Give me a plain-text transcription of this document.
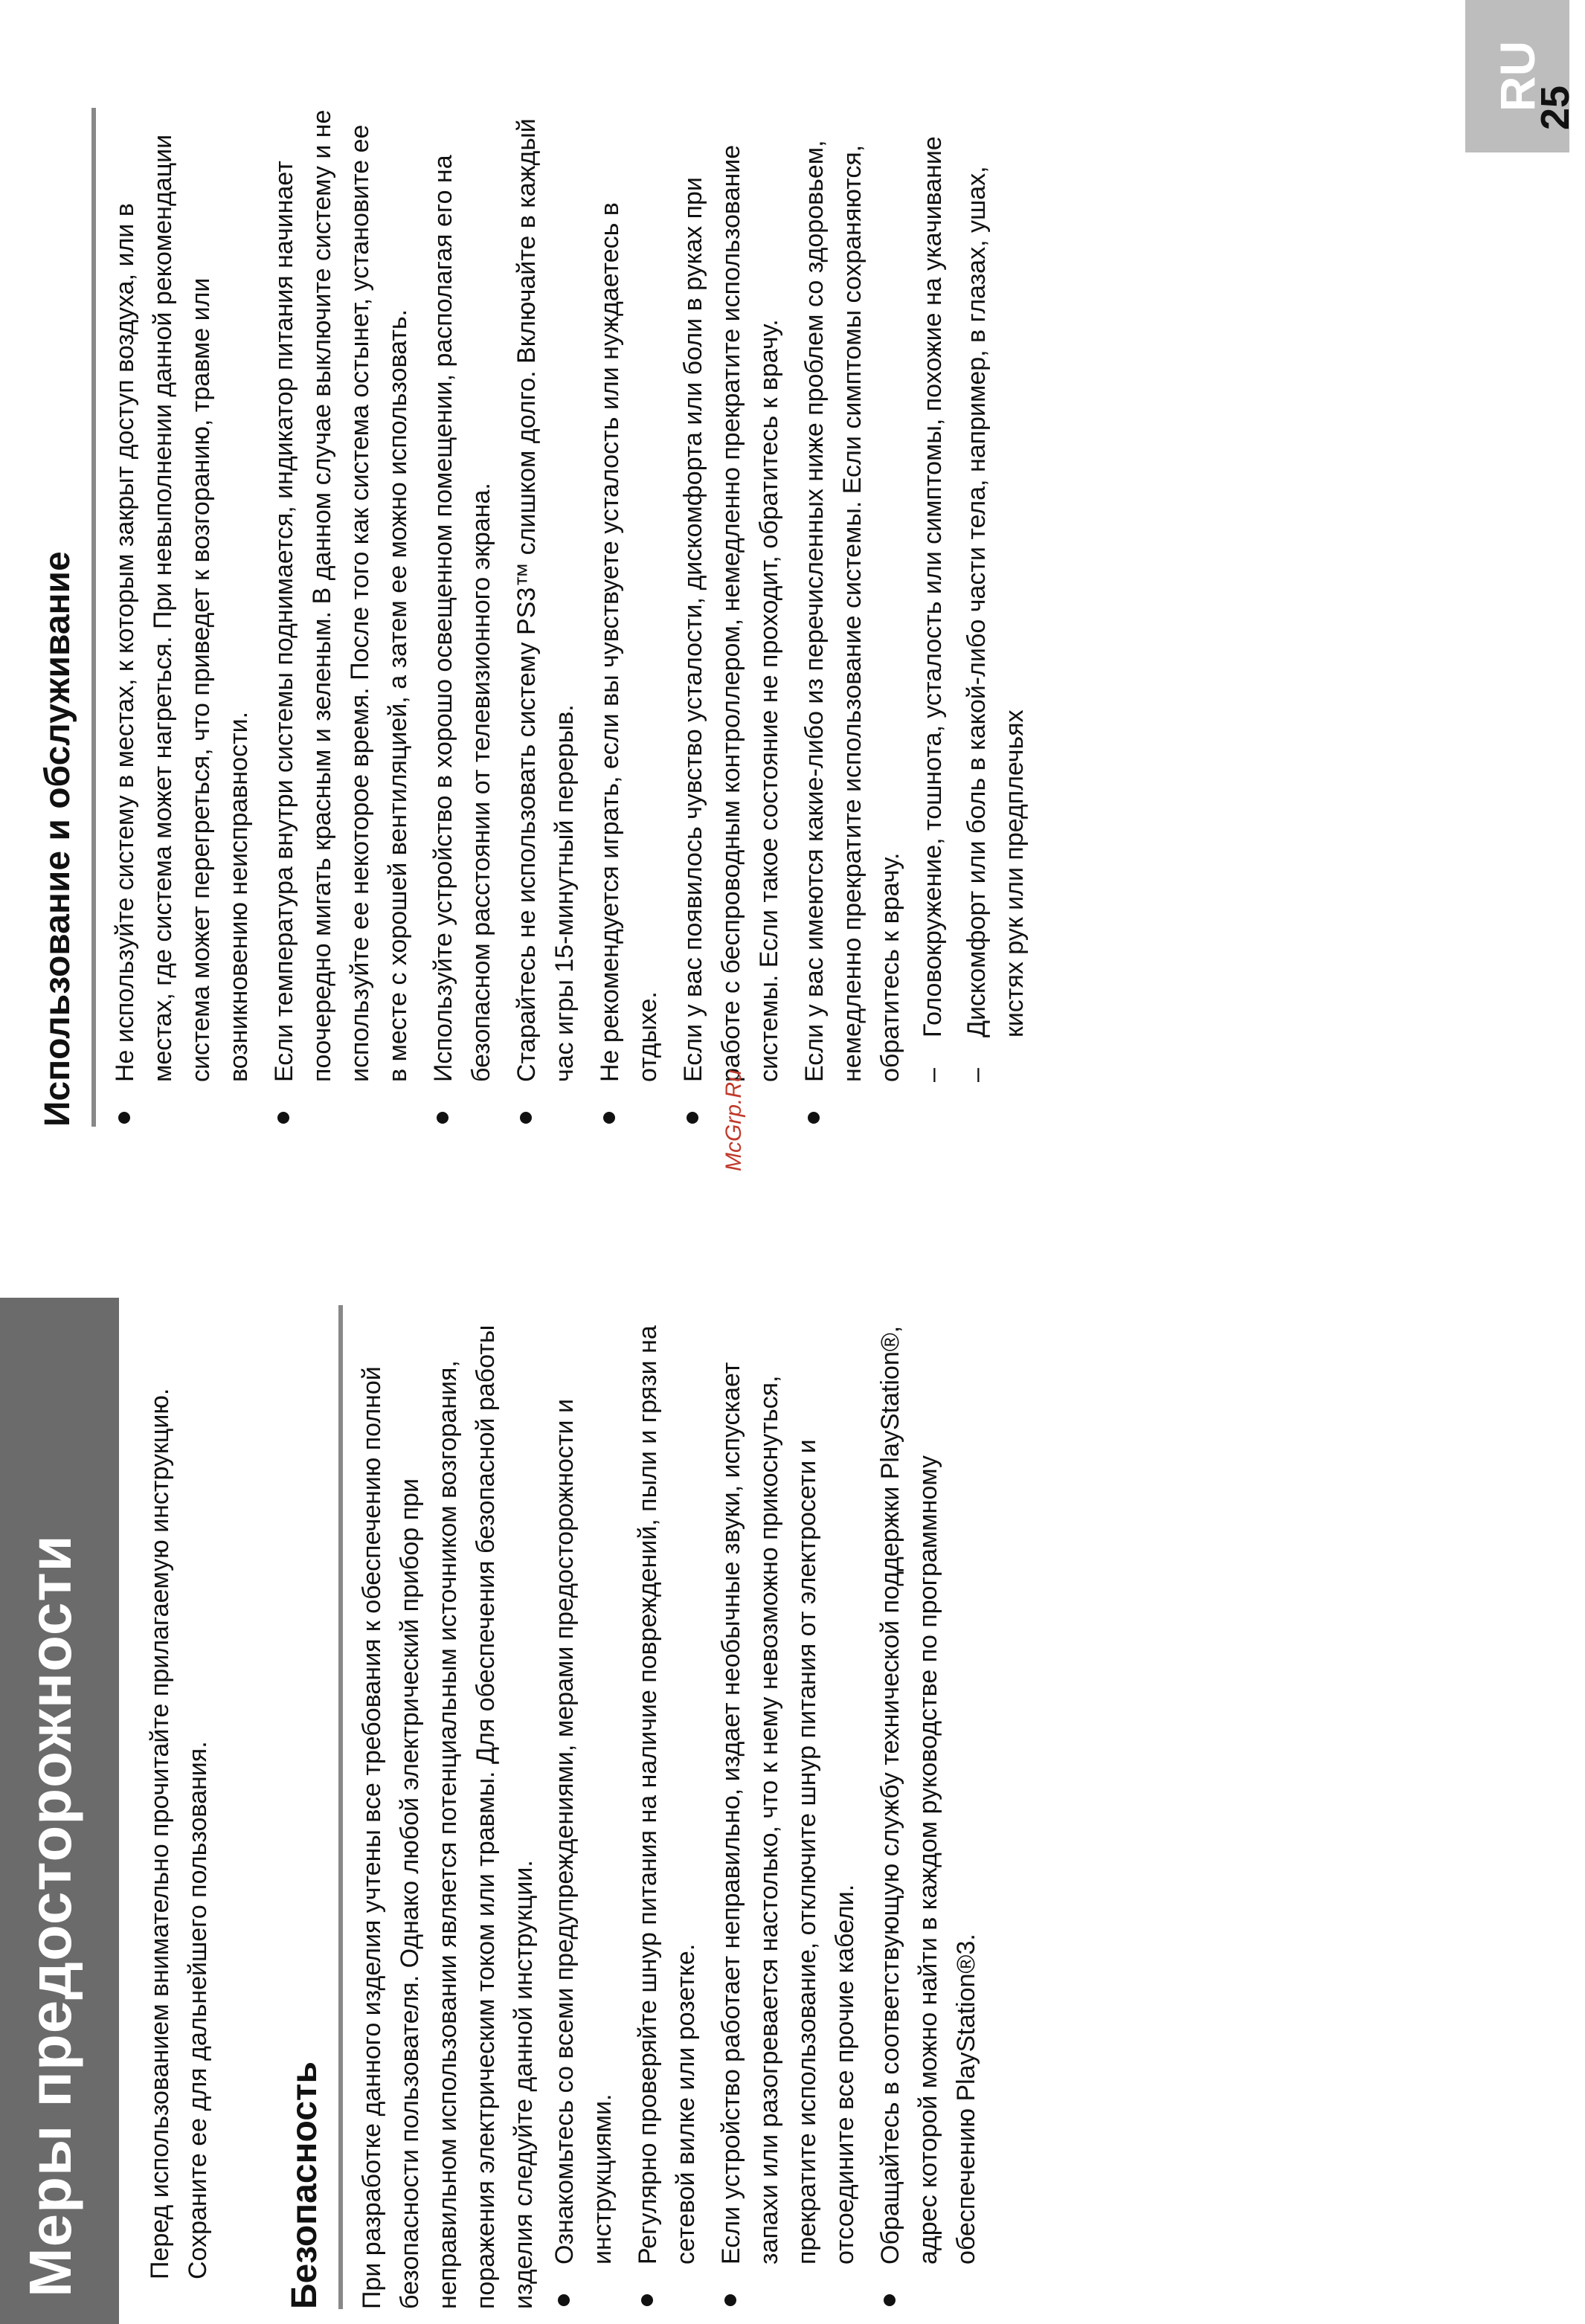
Меры предосторожности Перед использованием внимательно прочитайте прилагаемую инструкцию. Сохраните ее для дальнейшего пользования. Безопасность	При разработке данного изделия учтены все требования к обеспечению полной безопасности пользователя. Однако любой электрический прибор при неправильном использовании является потенциальным источником возгорания, поражения электрическим током или травмы. Для обеспечения безопасной работы изделия следуйте данной инструкции. Ознакомьтесь со всеми предупреждениями, мерами предосторожности и инструкциями. Регулярно проверяйте шнур питания на наличие повреждений, пыли и грязи на сетевой вилке или розетке. Если устройство работает неправильно, издает необычные звуки, испускает запахи или разогревается настолько, что к нему невозможно прикоснуться, прекратите использование, отключите шнур питания от электросети и отсоедините все прочие кабели. Обращайтесь в соответствующую службу технической поддержки PlayStation®, адрес которой можно найти в каждом руководстве по программному обеспечению PlayStation®3.
Использование и обслуживание	Не используйте систему в местах, к которым закрыт доступ воздуха, или в местах, где система может нагреться. При невыполнении данной рекомендации система может перегреться, что приведет к возгоранию, травме или возникновению неисправности. Если температура внутри системы поднимается, индикатор питания начинает поочередно мигать красным и зеленым. В данном случае выключите систему и не используйте ее некоторое время. После того как система остынет, установите ее в месте с хорошей вентиляцией, а затем ее можно использовать. Используйте устройство в хорошо освещенном помещении, располагая его на безопасном расстоянии от телевизионного экрана. Старайтесь не использовать систему PS3™ слишком долго. Включайте в каждый час игры 15-минутный перерыв. Не рекомендуется играть, если вы чувствуете усталость или нуждаетесь в отдыхе. Если у вас появилось чувство усталости, дискомфорта или боли в руках при работе с беспроводным контроллером, немедленно прекратите использование системы. Если такое состояние не проходит, обратитесь к врачу. Если у вас имеются какие-либо из перечисленных ниже проблем со здоровьем, немедленно прекратите использование системы. Если симптомы сохраняются, обратитесь к врачу. –
Головокружение, тошнота, усталость или симптомы, похожие на укачивание
–
Дискомфорт или боль в какой-либо части тела, например, в глазах, ушах, кистях рук или предплечьях
McGrp.Ru
RU
25
